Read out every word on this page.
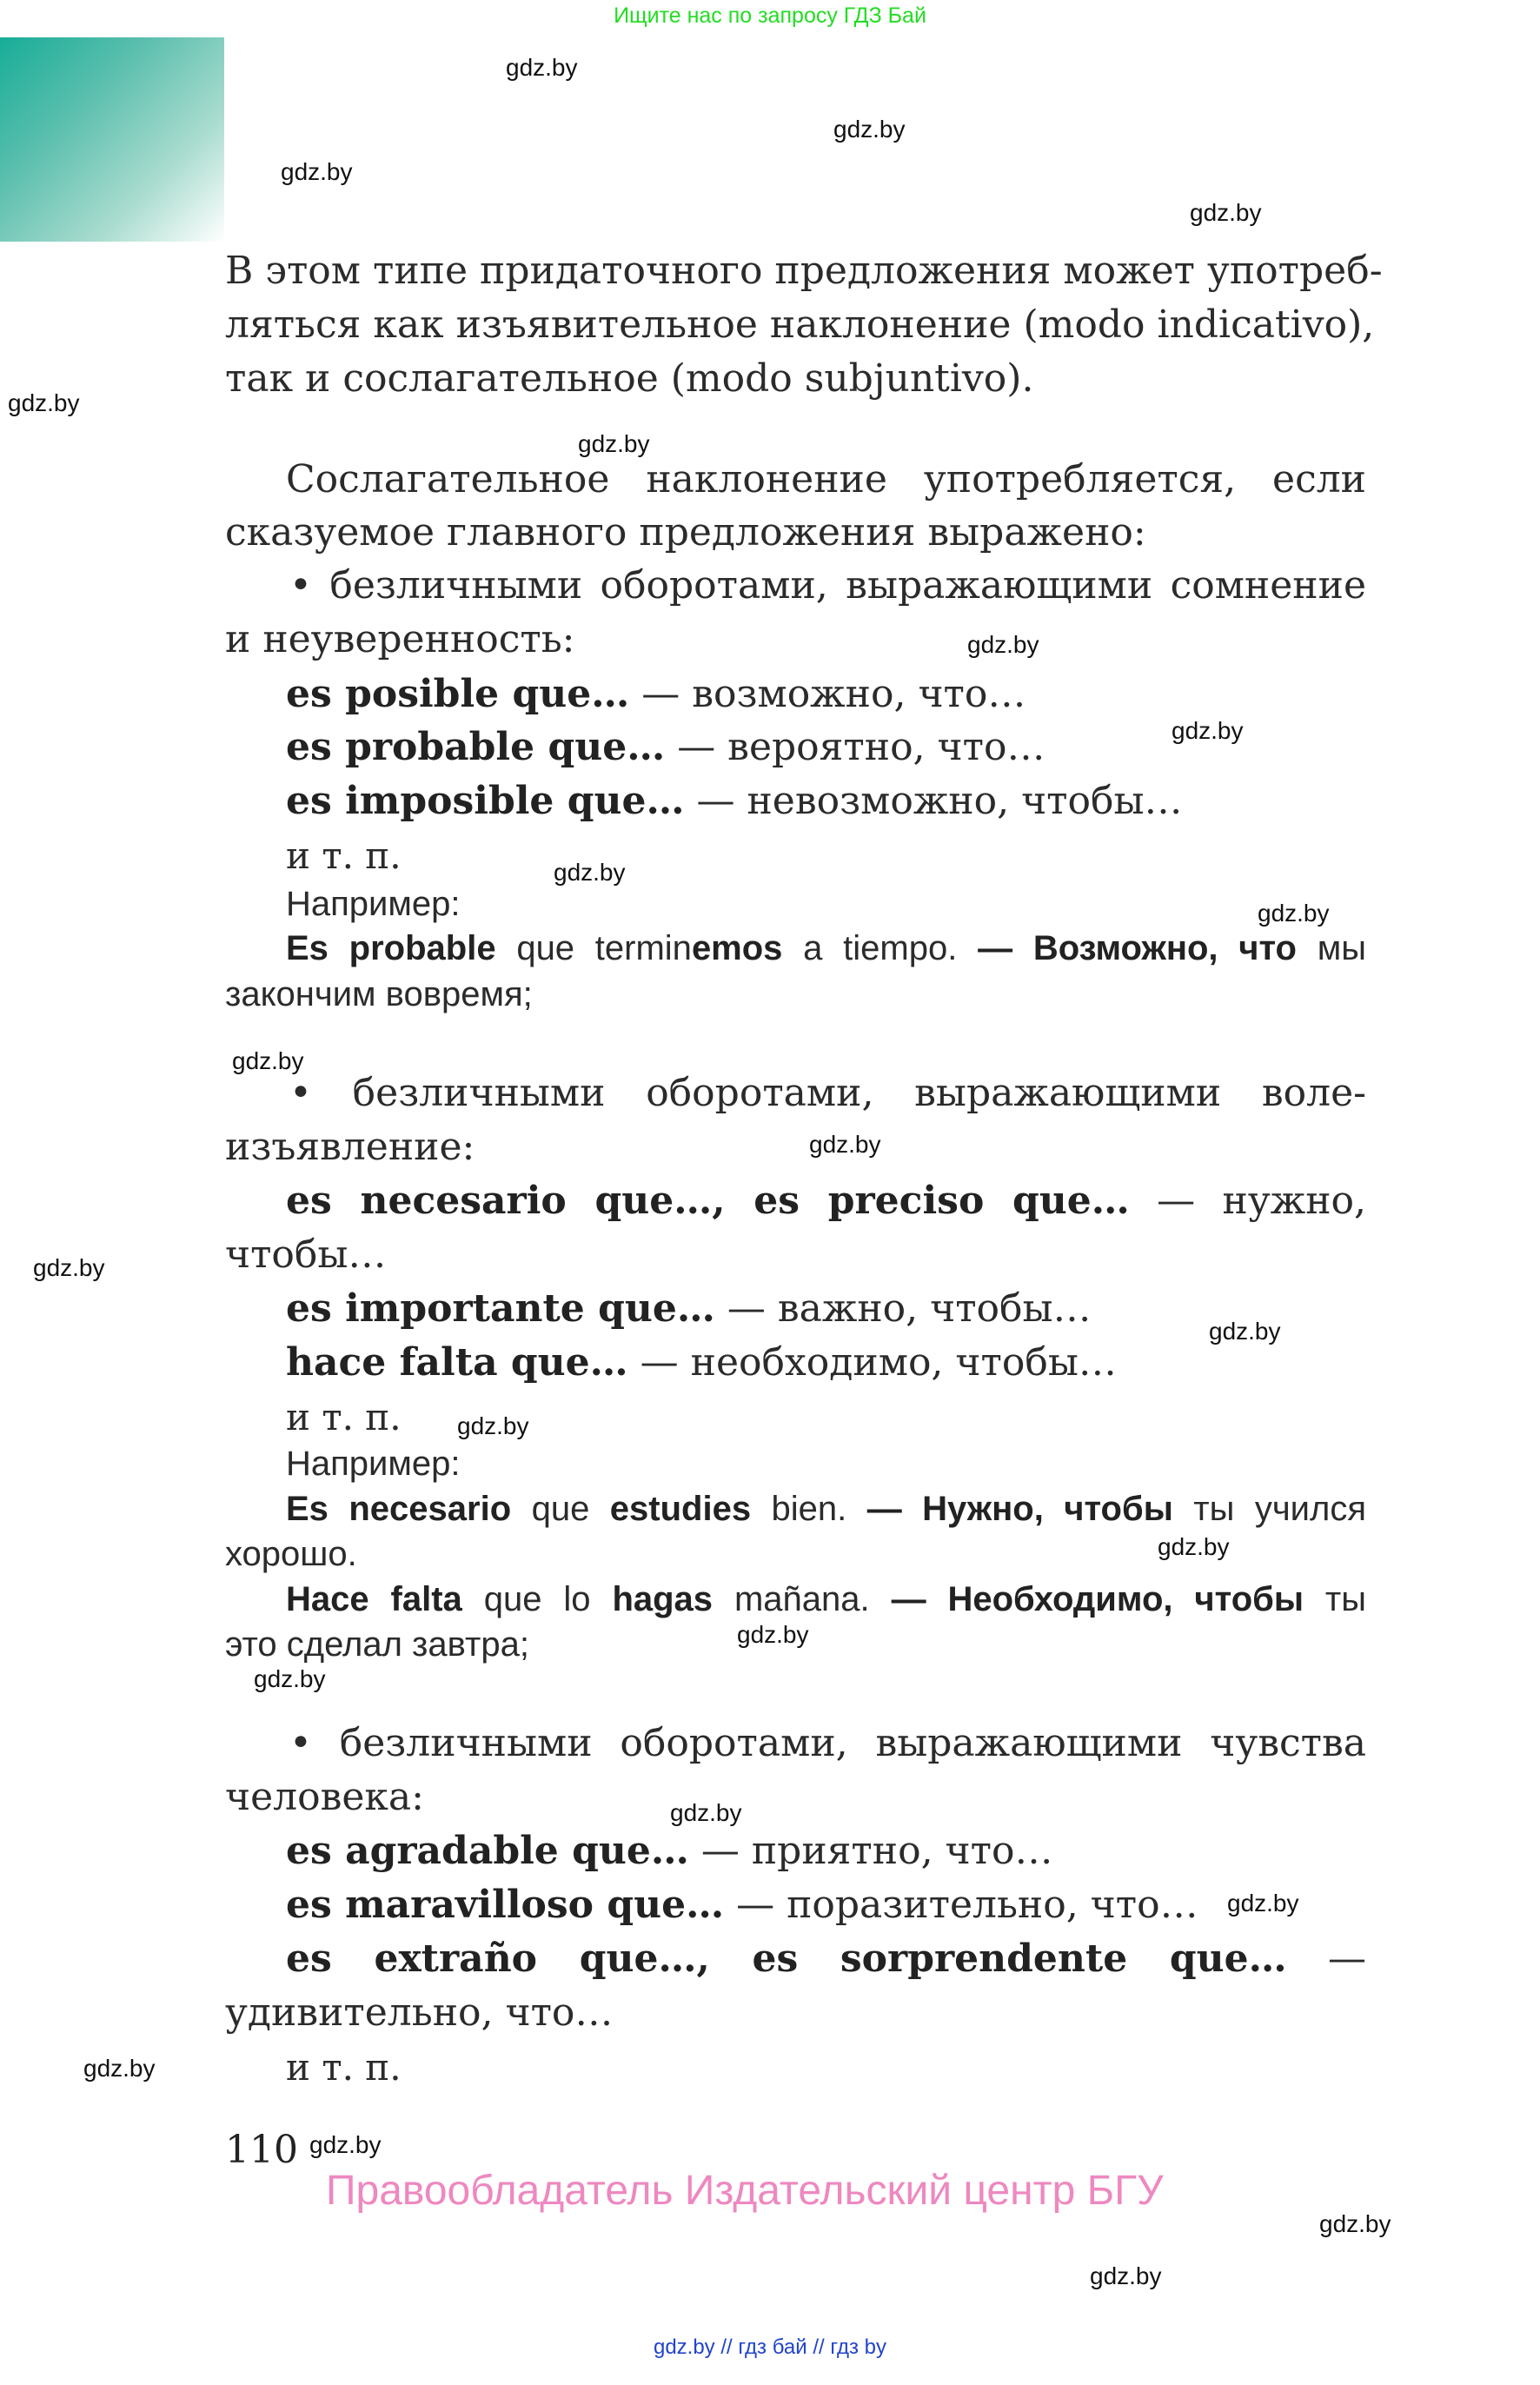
Ищите нас по запросу ГДЗ Бай
В этом типе придаточного предложения может употреб-
ляться как изъявительное наклонение (modo indicativo),
так и сослагательное (modo subjuntivo).
Сослагательное наклонение употребляется, если
сказуемое главного предложения выражено:
• безличными оборотами, выражающими сомнение
и неуверенность:
es posible que… — возможно, что…
es probable que… — вероятно, что…
es imposible que… — невозможно, чтобы…
и т. п.
Например:
Es probable que terminemos a tiempo. — Возможно, что мы
закончим вовремя;
• безличными оборотами, выражающими воле-
изъявление:
es necesario que…, es preciso que… — нужно,
чтобы…
es importante que… — важно, чтобы…
hace falta que… — необходимо, чтобы…
и т. п.
Например:
Es necesario que estudies bien. — Нужно, чтобы ты учился
хорошо.
Hace falta que lo hagas mañana. — Необходимо, чтобы ты
это сделал завтра;
• безличными оборотами, выражающими чувства
человека:
es agradable que… — приятно, что…
es maravilloso que… — поразительно, что…
es extraño que…, es sorprendente que… —
удивительно, что…
и т. п.
110
Правообладатель Издательский центр БГУ
gdz.by // гдз бай // гдз by
gdz.by
gdz.by
gdz.by
gdz.by
gdz.by
gdz.by
gdz.by
gdz.by
gdz.by
gdz.by
gdz.by
gdz.by
gdz.by
gdz.by
gdz.by
gdz.by
gdz.by
gdz.by
gdz.by
gdz.by
gdz.by
gdz.by
gdz.by
gdz.by
